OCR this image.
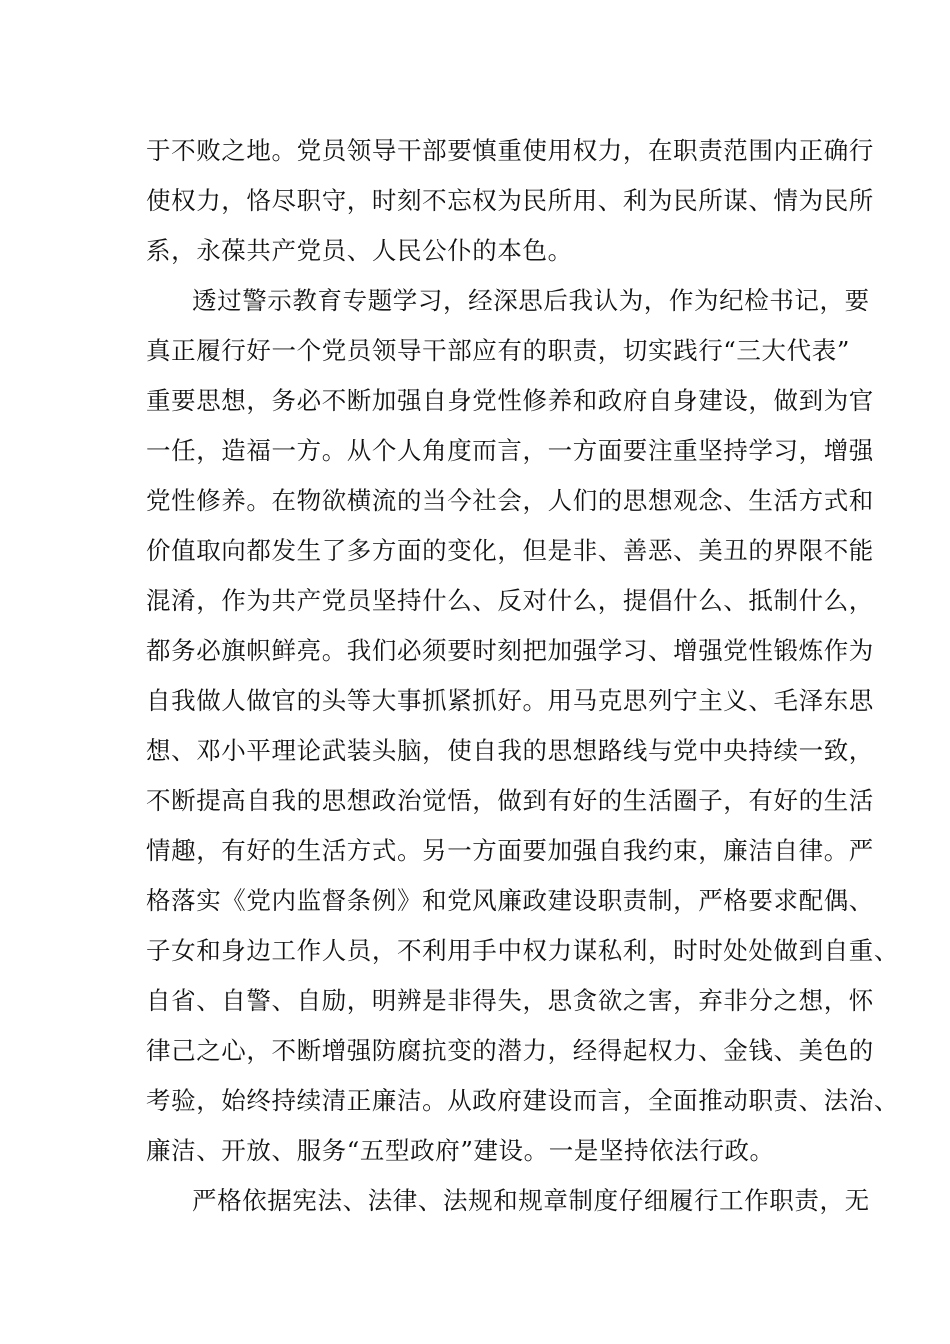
于不败之地。党员领导干部要慎重使用权力，在职责范围内正确行
使权力，恪尽职守，时刻不忘权为民所用、利为民所谋、情为民所
系，永葆共产党员、人民公仆的本色。
透过警示教育专题学习，经深思后我认为，作为纪检书记，要
真正履行好一个党员领导干部应有的职责，切实践行“三大代表”
重要思想，务必不断加强自身党性修养和政府自身建设，做到为官
一任，造福一方。从个人角度而言，一方面要注重坚持学习，增强
党性修养。在物欲横流的当今社会，人们的思想观念、生活方式和
价值取向都发生了多方面的变化，但是非、善恶、美丑的界限不能
混淆，作为共产党员坚持什么、反对什么，提倡什么、抵制什么，
都务必旗帜鲜亮。我们必须要时刻把加强学习、增强党性锻炼作为
自我做人做官的头等大事抓紧抓好。用马克思列宁主义、毛泽东思
想、邓小平理论武装头脑，使自我的思想路线与党中央持续一致，
不断提高自我的思想政治觉悟，做到有好的生活圈子，有好的生活
情趣，有好的生活方式。另一方面要加强自我约束，廉洁自律。严
格落实《党内监督条例》和党风廉政建设职责制，严格要求配偶、
子女和身边工作人员，不利用手中权力谋私利，时时处处做到自重、
自省、自警、自励，明辨是非得失，思贪欲之害，弃非分之想，怀
律己之心，不断增强防腐抗变的潜力，经得起权力、金钱、美色的
考验，始终持续清正廉洁。从政府建设而言，全面推动职责、法治、
廉洁、开放、服务“五型政府”建设。一是坚持依法行政。
严格依据宪法、法律、法规和规章制度仔细履行工作职责，无
